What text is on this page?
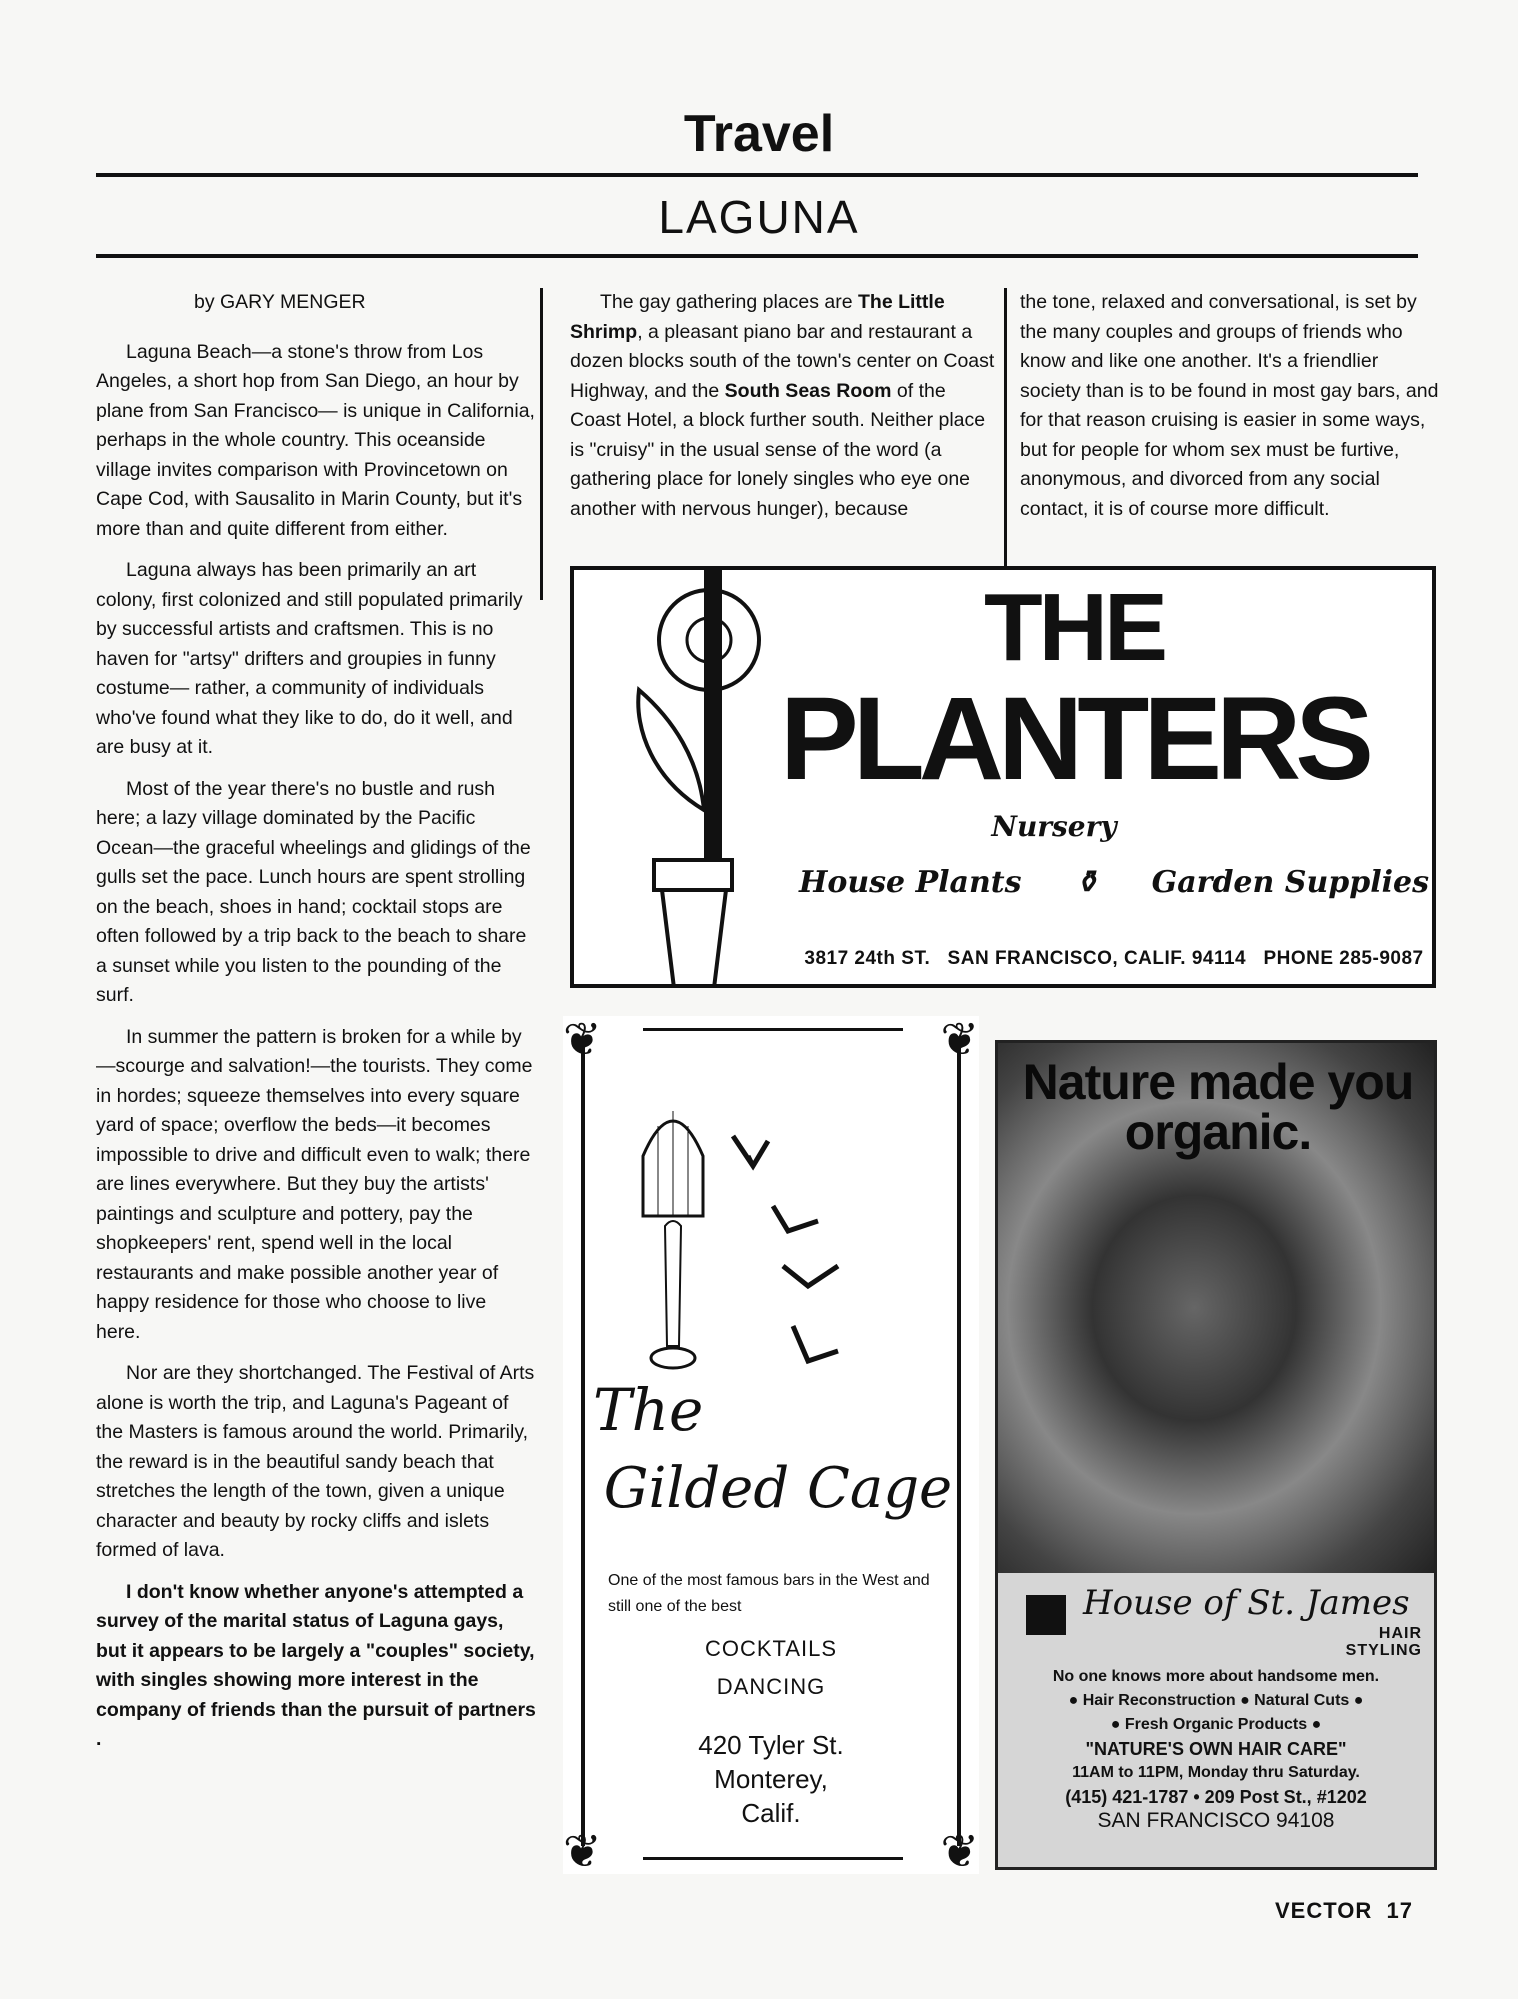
Travel
LAGUNA

by GARY MENGER

Laguna Beach—a stone's throw from Los Angeles, a short hop from San Diego, an hour by plane from San Francisco— is unique in California, perhaps in the whole country. This oceanside village invites comparison with Provincetown on Cape Cod, with Sausalito in Marin County, but it's more than and quite different from either.

Laguna always has been primarily an art colony, first colonized and still populated primarily by successful artists and craftsmen. This is no haven for "artsy" drifters and groupies in funny costume— rather, a community of individuals who've found what they like to do, do it well, and are busy at it.

Most of the year there's no bustle and rush here; a lazy village dominated by the Pacific Ocean—the graceful wheelings and glidings of the gulls set the pace. Lunch hours are spent strolling on the beach, shoes in hand; cocktail stops are often followed by a trip back to the beach to share a sunset while you listen to the pounding of the surf.

In summer the pattern is broken for a while by—scourge and salvation!—the tourists. They come in hordes; squeeze themselves into every square yard of space; overflow the beds—it becomes impossible to drive and difficult even to walk; there are lines everywhere. But they buy the artists' paintings and sculpture and pottery, pay the shopkeepers' rent, spend well in the local restaurants and make possible another year of happy residence for those who choose to live here.

Nor are they shortchanged. The Festival of Arts alone is worth the trip, and Laguna's Pageant of the Masters is famous around the world. Primarily, the reward is in the beautiful sandy beach that stretches the length of the town, given a unique character and beauty by rocky cliffs and islets formed of lava.

I don't know whether anyone's attempted a survey of the marital status of Laguna gays, but it appears to be largely a "couples" society, with singles showing more interest in the company of friends than the pursuit of partners .

The gay gathering places are The Little Shrimp, a pleasant piano bar and restaurant a dozen blocks south of the town's center on Coast Highway, and the South Seas Room of the Coast Hotel, a block further south. Neither place is "cruisy" in the usual sense of the word (a gathering place for lonely singles who eye one another with nervous hunger), because

the tone, relaxed and conversational, is set by the many couples and groups of friends who know and like one another. It's a friendlier society than is to be found in most gay bars, and for that reason cruising is easier in some ways, but for people for whom sex must be furtive, anonymous, and divorced from any social contact, it is of course more difficult.

THE
PLANTERS
Nursery
House Plants ⚱ Garden Supplies
3817 24th ST.   SAN FRANCISCO, CALIF. 94114   PHONE 285-9087
❦	❦
❦	❦
The
Gilded Cage
One of the most famous bars in the West and still one of the best
COCKTAILS
DANCING
420 Tyler St.
Monterey,
Calif.
Nature made you organic.
House of St. James
HAIR
STYLING
No one knows more about handsome men.
● Hair Reconstruction ● Natural Cuts ●
● Fresh Organic Products ●
"NATURE'S OWN HAIR CARE"
11AM to 11PM, Monday thru Saturday.
(415) 421-1787 • 209 Post St., #1202
SAN FRANCISCO 94108
VECTOR 17
